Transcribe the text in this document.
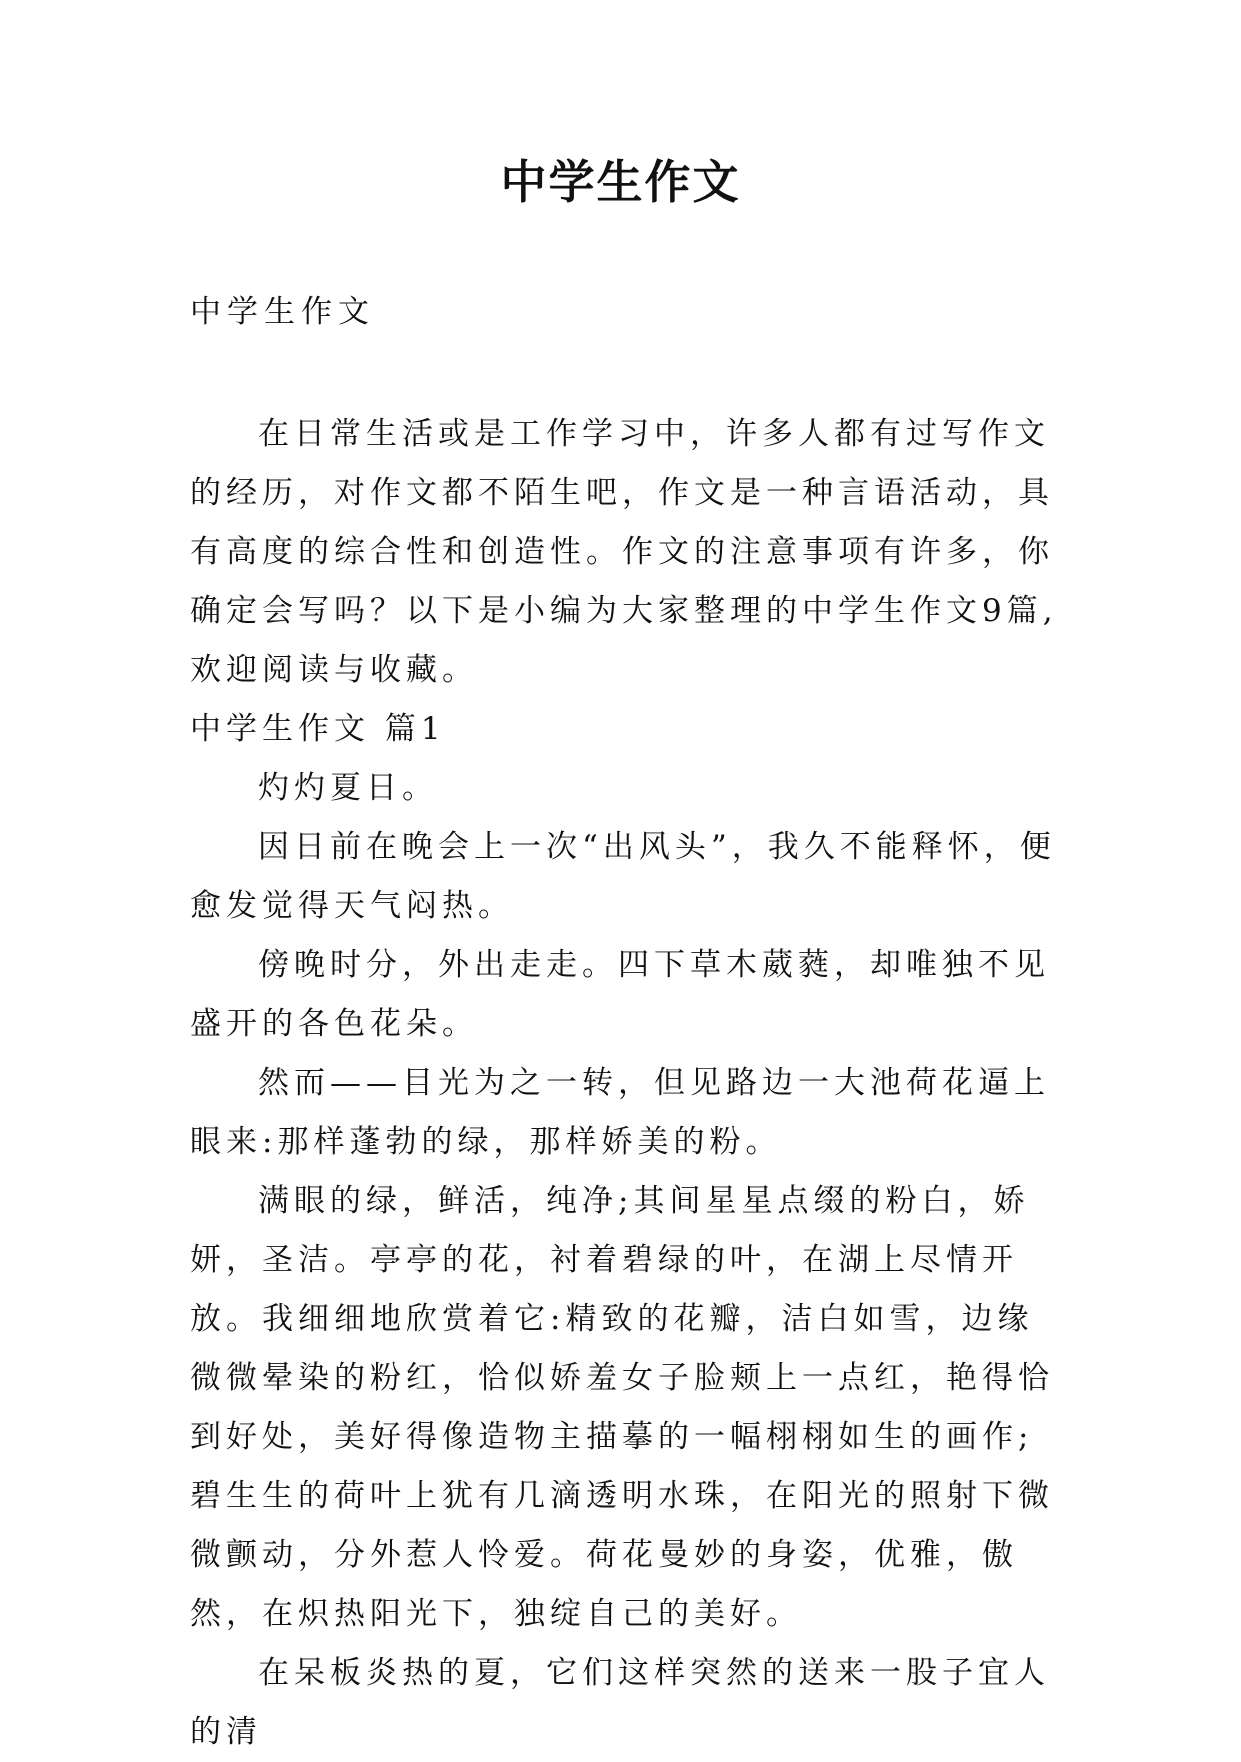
中学生作文

中学生作文

在日常生活或是工作学习中，许多人都有过写作文的经历，对作文都不陌生吧，作文是一种言语活动，具有高度的综合性和创造性。作文的注意事项有许多，你确定会写吗？以下是小编为大家整理的中学生作文9篇,欢迎阅读与收藏。

中学生作文 篇1

灼灼夏日。

因日前在晚会上一次“出风头”，我久不能释怀，便愈发觉得天气闷热。

傍晚时分，外出走走。四下草木葳蕤，却唯独不见盛开的各色花朵。

然而——目光为之一转，但见路边一大池荷花逼上眼来:那样蓬勃的绿，那样娇美的粉。

满眼的绿，鲜活，纯净;其间星星点缀的粉白，娇妍，圣洁。亭亭的花，衬着碧绿的叶，在湖上尽情开放。我细细地欣赏着它:精致的花瓣，洁白如雪，边缘微微晕染的粉红，恰似娇羞女子脸颊上一点红，艳得恰到好处，美好得像造物主描摹的一幅栩栩如生的画作;碧生生的荷叶上犹有几滴透明水珠，在阳光的照射下微微颤动，分外惹人怜爱。荷花曼妙的身姿，优雅，傲然，在炽热阳光下，独绽自己的美好。

在呆板炎热的夏，它们这样突然的送来一股子宜人的清
